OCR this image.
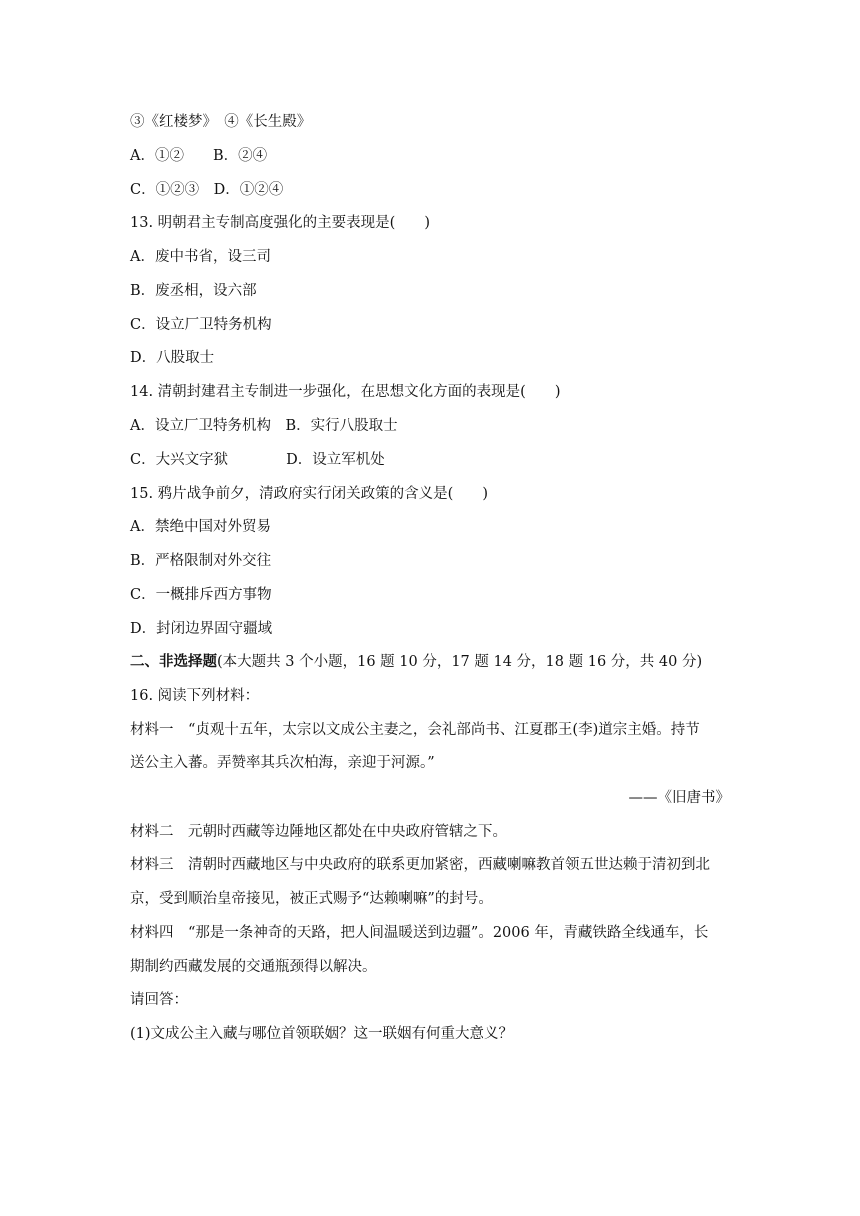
③《红楼梦》　④《长生殿》
A．①②　　B．②④
C．①②③　D．①②④
13. 明朝君主专制高度强化的主要表现是(　　)
A．废中书省，设三司
B．废丞相，设六部
C．设立厂卫特务机构
D．八股取士
14. 清朝封建君主专制进一步强化，在思想文化方面的表现是(　　)
A．设立厂卫特务机构　B．实行八股取士
C．大兴文字狱　　　　D．设立军机处
15. 鸦片战争前夕，清政府实行闭关政策的含义是(　　)
A．禁绝中国对外贸易
B．严格限制对外交往
C．一概排斥西方事物
D．封闭边界固守疆域
二、非选择题(本大题共 3 个小题，16 题 10 分，17 题 14 分，18 题 16 分，共 40 分)
16. 阅读下列材料：
材料一　“贞观十五年，太宗以文成公主妻之，会礼部尚书、江夏郡王(李)道宗主婚。持节
送公主入蕃。弄赞率其兵次柏海，亲迎于河源。”
——《旧唐书》
材料二　元朝时西藏等边陲地区都处在中央政府管辖之下。
材料三　清朝时西藏地区与中央政府的联系更加紧密，西藏喇嘛教首领五世达赖于清初到北
京，受到顺治皇帝接见，被正式赐予“达赖喇嘛”的封号。
材料四　“那是一条神奇的天路，把人间温暖送到边疆”。2006 年，青藏铁路全线通车，长
期制约西藏发展的交通瓶颈得以解决。
请回答：
(1)文成公主入藏与哪位首领联姻？这一联姻有何重大意义？
